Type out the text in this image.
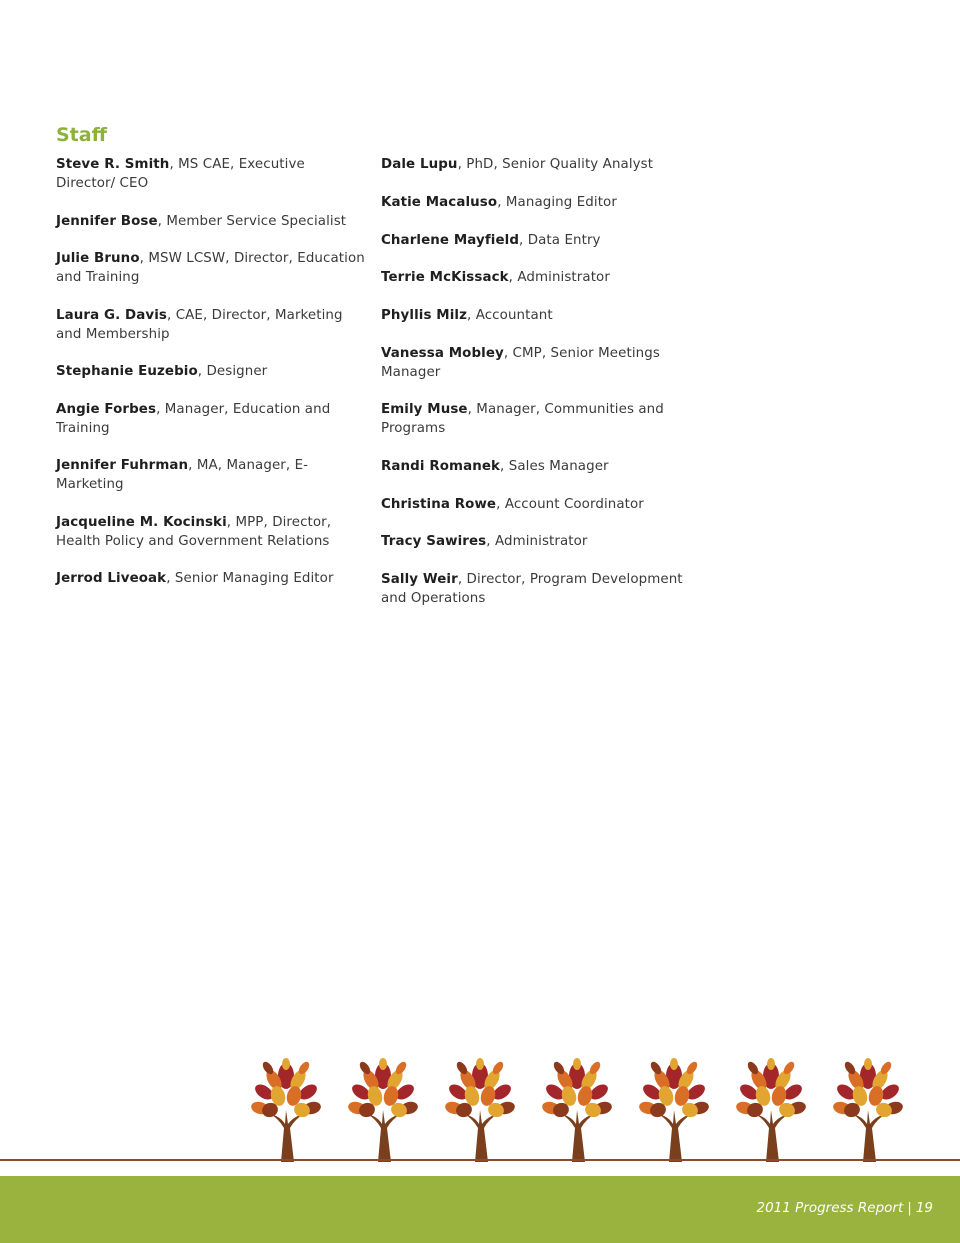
Staff
Steve R. Smith, MS CAE, Executive Director/ CEO
Jennifer Bose, Member Service Specialist
Julie Bruno, MSW LCSW, Director, Education and Training
Laura G. Davis, CAE, Director, Marketing and Membership
Stephanie Euzebio, Designer
Angie Forbes, Manager, Education and Training
Jennifer Fuhrman, MA, Manager, E-Marketing
Jacqueline M. Kocinski, MPP, Director, Health Policy and Government Relations
Jerrod Liveoak, Senior Managing Editor
Dale Lupu, PhD, Senior Quality Analyst
Katie Macaluso, Managing Editor
Charlene Mayfield, Data Entry
Terrie McKissack, Administrator
Phyllis Milz, Accountant
Vanessa Mobley, CMP, Senior Meetings Manager
Emily Muse, Manager, Communities and Programs
Randi Romanek, Sales Manager
Christina Rowe, Account Coordinator
Tracy Sawires, Administrator
Sally Weir, Director, Program Development and Operations
2011 Progress Report | 19
